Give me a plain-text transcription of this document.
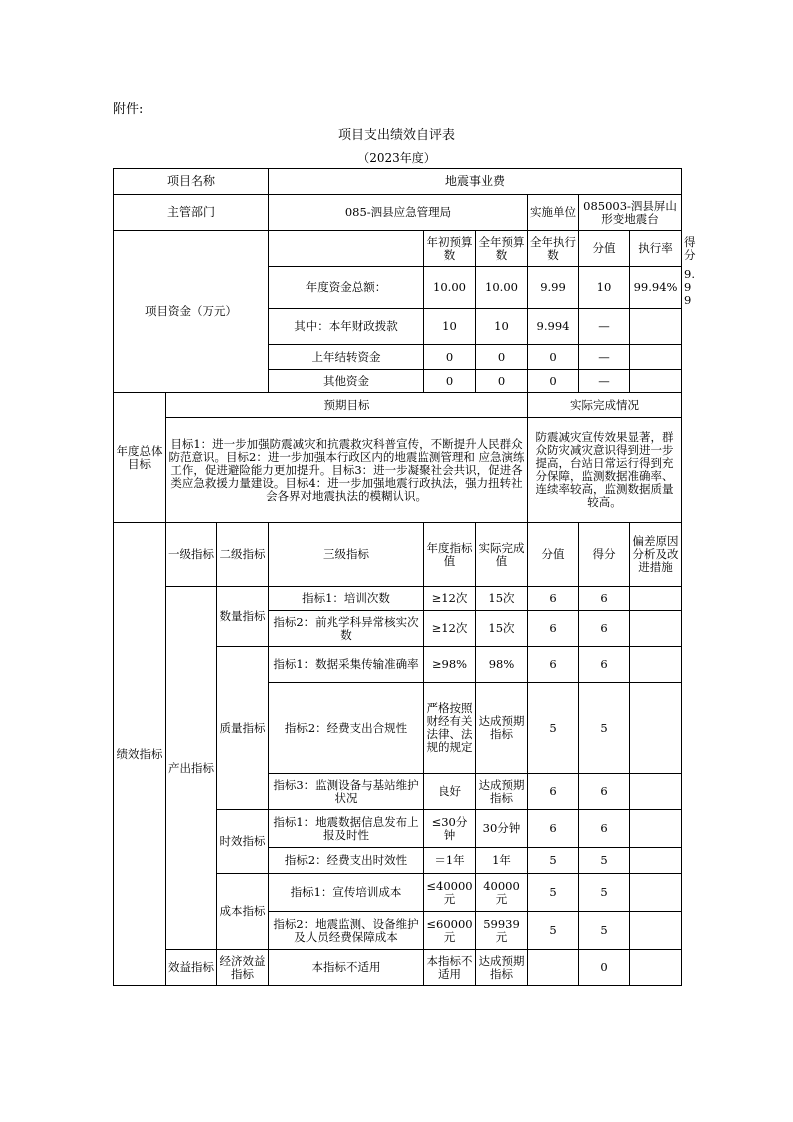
附件:
项目支出绩效自评表
（2023年度）
项目名称			地震事业费						
主管部门			085-泗县应急管理局			实施单位	085003-泗县屏山形变地震台		
项目资金（万元）				年初预算数	全年预算数	全年执行数	分值	执行率	得分
			年度资金总额：	10.00	10.00	9.99	10	99.94%	9.99
			其中：本年财政拨款	10	10	9.994	—		
			上年结转资金	0	0	0	—		
			其他资金	0	0	0	—		
年度总体目标	预期目标					实际完成情况			
	目标1：进一步加强防震减灾和抗震救灾科普宣传，不断提升人民群众防范意识。目标2：进一步加强本行政区内的地震监测管理和 应急演练工作，促进避险能力更加提升。目标3：进一步凝聚社会共识，促进各类应急救援力量建设。目标4：进一步加强地震行政执法，强力扭转社会各界对地震执法的模糊认识。					防震减灾宣传效果显著，群众防灾减灾意识得到进一步提高，台站日常运行得到充分保障，监测数据准确率、连续率较高，监测数据质量较高。			
绩效指标	一级指标	二级指标	三级指标	年度指标值	实际完成值	分值	得分	偏差原因分析及改进措施	
	产出指标	数量指标	指标1：培训次数	≥12次	15次	6	6		
			指标2：前兆学科异常核实次数	≥12次	15次	6	6		
		质量指标	指标1：数据采集传输准确率	≥98%	98%	6	6		
			指标2：经费支出合规性	严格按照财经有关法律、法规的规定	达成预期指标	5	5		
			指标3：监测设备与基站维护状况	良好	达成预期指标	6	6		
		时效指标	指标1：地震数据信息发布上报及时性	≤30分钟	30分钟	6	6		
			指标2：经费支出时效性	＝1年	1年	5	5		
		成本指标	指标1：宣传培训成本	≤40000元	40000元	5	5		
			指标2：地震监测、设备维护及人员经费保障成本	≤60000元	59939元	5	5		
	效益指标	经济效益指标	本指标不适用	本指标不适用	达成预期指标		0		
